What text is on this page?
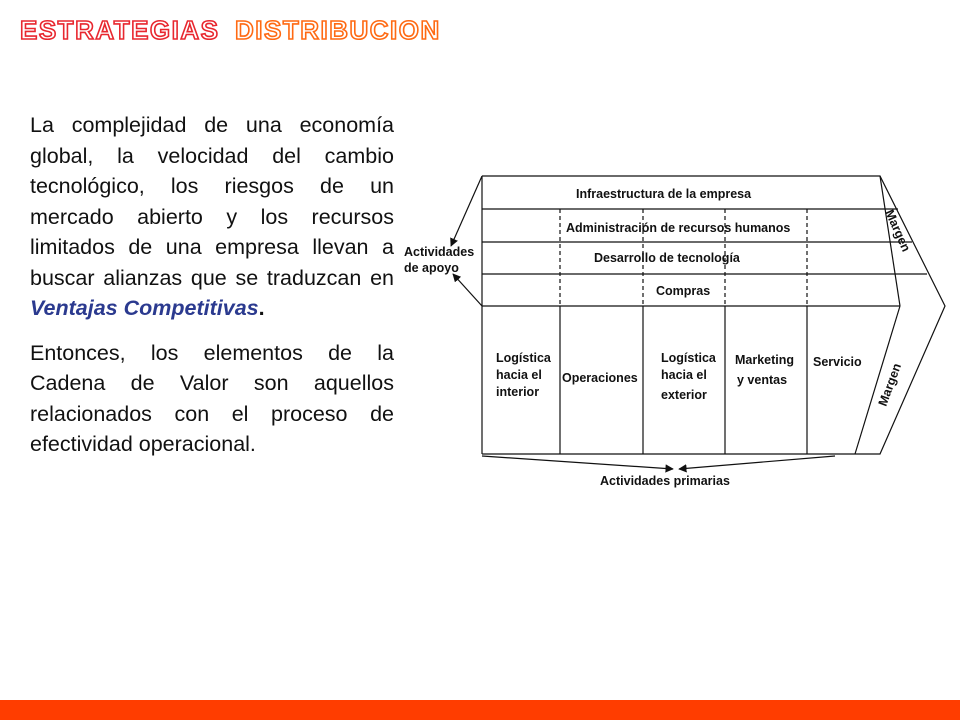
ESTRATEGIAS DISTRIBUCION

La complejidad de una economía global, la velocidad del cambio tecnológico, los riesgos de un mercado abierto y los recursos limitados de una empresa llevan a buscar alianzas que se traduzcan en Ventajas Competitivas.

Entonces, los elementos de la Cadena de Valor son aquellos relacionados con el proceso de efectividad operacional.

Infraestructura de la empresa
Administración de recursos humanos
Desarrollo de tecnología
Compras
Actividades
de apoyo
Logística
hacia el
interior
Operaciones
Logística
hacia el
exterior
Marketing
y ventas
Servicio
Actividades primarias
Margen
Margen
